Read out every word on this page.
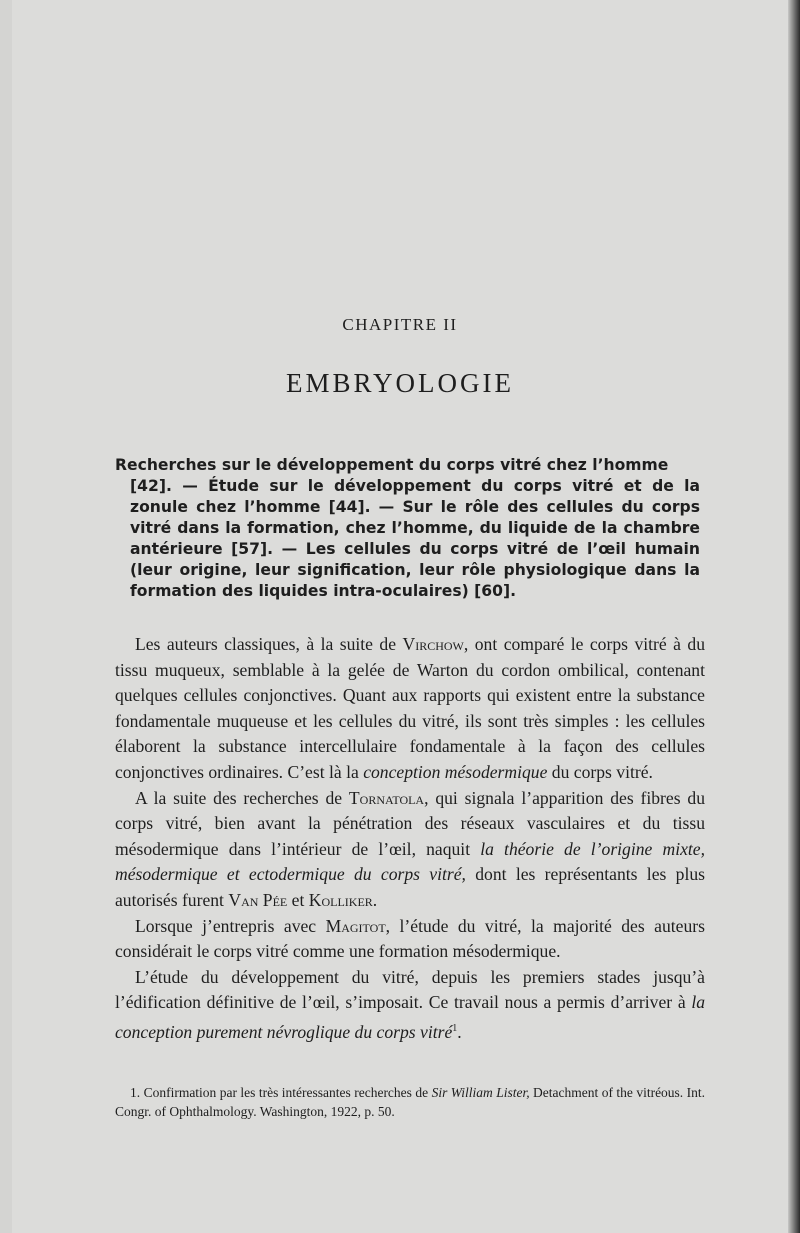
CHAPITRE II
EMBRYOLOGIE
Recherches sur le développement du corps vitré chez l’homme
[42]. — Étude sur le développement du corps vitré et de la zonule chez l’homme [44]. — Sur le rôle des cellules du corps vitré dans la formation, chez l’homme, du liquide de la chambre antérieure [57]. — Les cellules du corps vitré de l’œil humain (leur origine, leur signification, leur rôle physiologique dans la formation des liquides intra-oculaires) [60].

Les auteurs classiques, à la suite de Virchow, ont comparé le corps vitré à du tissu muqueux, semblable à la gelée de Warton du cordon ombilical, contenant quelques cellules conjonctives. Quant aux rapports qui existent entre la substance fondamentale muqueuse et les cellules du vitré, ils sont très simples : les cellules élaborent la substance intercellulaire fondamentale à la façon des cellules conjonctives ordinaires. C’est là la conception mésodermique du corps vitré.

A la suite des recherches de Tornatola, qui signala l’apparition des fibres du corps vitré, bien avant la pénétration des réseaux vasculaires et du tissu mésodermique dans l’intérieur de l’œil, naquit la théorie de l’origine mixte, mésodermique et ectodermique du corps vitré, dont les représentants les plus autorisés furent Van Pée et Kolliker.

Lorsque j’entrepris avec Magitot, l’étude du vitré, la majorité des auteurs considérait le corps vitré comme une formation mésodermique.

L’étude du développement du vitré, depuis les premiers stades jusqu’à l’édification définitive de l’œil, s’imposait. Ce travail nous a permis d’arriver à la conception purement névroglique du corps vitré$^1$.

1. Confirmation par les très intéressantes recherches de Sir William Lister, Detachment of the vitréous. Int. Congr. of Ophthalmology. Washington, 1922, p. 50.
